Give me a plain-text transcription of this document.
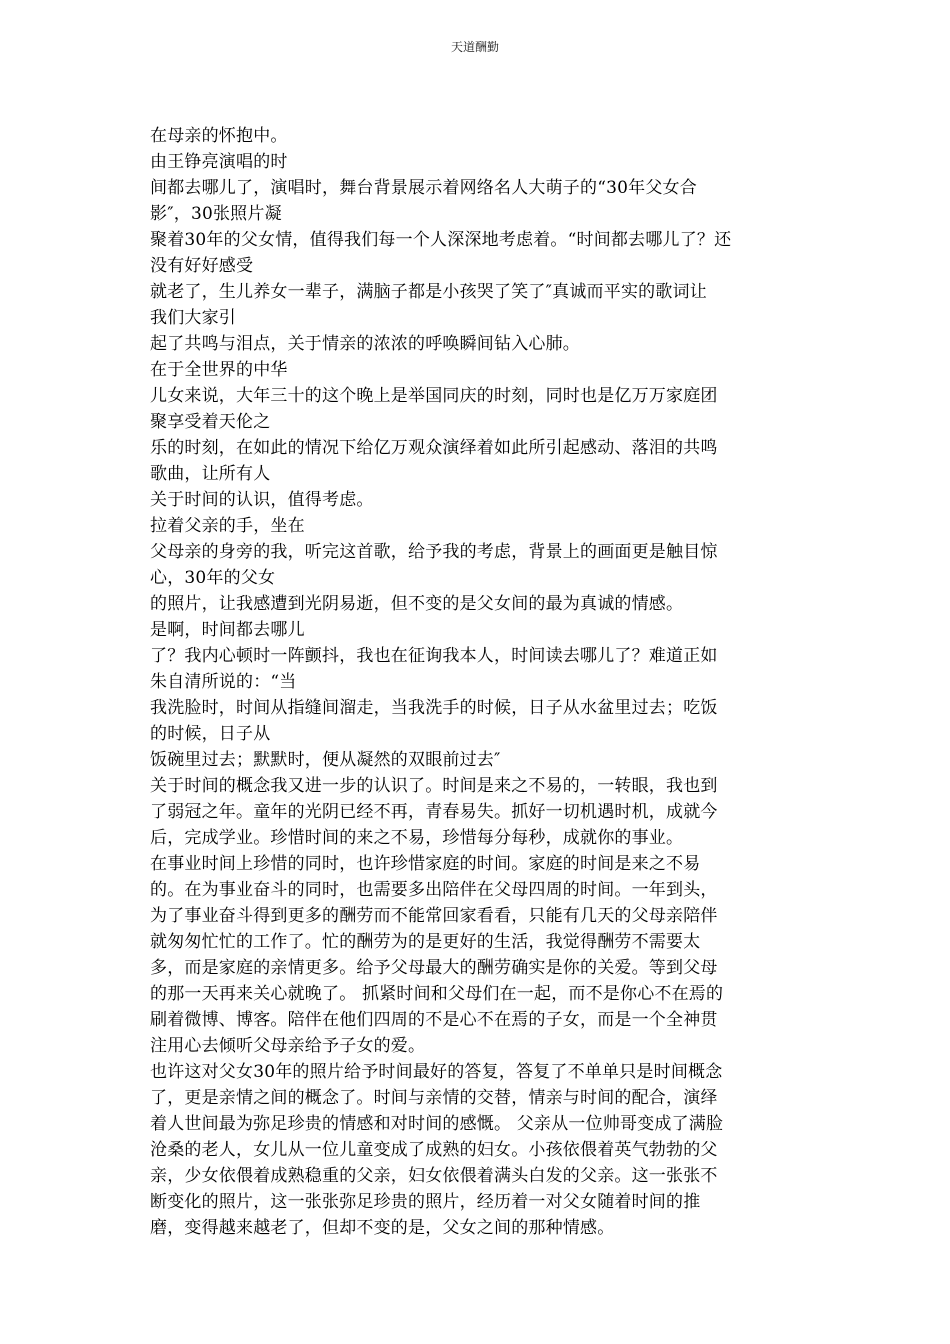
天道酬勤
在母亲的怀抱中。
由王铮亮演唱的时
间都去哪儿了，演唱时，舞台背景展示着网络名人大萌子的“30年父女合
影″，30张照片凝
聚着30年的父女情，值得我们每一个人深深地考虑着。“时间都去哪儿了？还
没有好好感受
就老了，生儿养女一辈子，满脑子都是小孩哭了笑了″真诚而平实的歌词让
我们大家引
起了共鸣与泪点，关于情亲的浓浓的呼唤瞬间钻入心肺。
在于全世界的中华
儿女来说，大年三十的这个晚上是举国同庆的时刻，同时也是亿万万家庭团
聚享受着天伦之
乐的时刻，在如此的情况下给亿万观众演绎着如此所引起感动、落泪的共鸣
歌曲，让所有人
关于时间的认识，值得考虑。
拉着父亲的手，坐在
父母亲的身旁的我，听完这首歌，给予我的考虑，背景上的画面更是触目惊
心，30年的父女
的照片，让我感遭到光阴易逝，但不变的是父女间的最为真诚的情感。
是啊，时间都去哪儿
了？我内心顿时一阵颤抖，我也在征询我本人，时间读去哪儿了？难道正如
朱自清所说的：“当
我洗脸时，时间从指缝间溜走，当我洗手的时候，日子从水盆里过去；吃饭
的时候，日子从
饭碗里过去；默默时，便从凝然的双眼前过去″
关于时间的概念我又进一步的认识了。时间是来之不易的，一转眼，我也到
了弱冠之年。童年的光阴已经不再，青春易失。抓好一切机遇时机，成就今
后，完成学业。珍惜时间的来之不易，珍惜每分每秒，成就你的事业。
在事业时间上珍惜的同时，也许珍惜家庭的时间。家庭的时间是来之不易
的。在为事业奋斗的同时，也需要多出陪伴在父母四周的时间。一年到头，
为了事业奋斗得到更多的酬劳而不能常回家看看，只能有几天的父母亲陪伴
就匆匆忙忙的工作了。忙的酬劳为的是更好的生活，我觉得酬劳不需要太
多，而是家庭的亲情更多。给予父母最大的酬劳确实是你的关爱。等到父母
的那一天再来关心就晚了。 抓紧时间和父母们在一起，而不是你心不在焉的
刷着微博、博客。陪伴在他们四周的不是心不在焉的子女，而是一个全神贯
注用心去倾听父母亲给予子女的爱。
也许这对父女30年的照片给予时间最好的答复，答复了不单单只是时间概念
了，更是亲情之间的概念了。时间与亲情的交替，情亲与时间的配合，演绎
着人世间最为弥足珍贵的情感和对时间的感慨。 父亲从一位帅哥变成了满脸
沧桑的老人，女儿从一位儿童变成了成熟的妇女。小孩依偎着英气勃勃的父
亲，少女依偎着成熟稳重的父亲，妇女依偎着满头白发的父亲。这一张张不
断变化的照片，这一张张弥足珍贵的照片，经历着一对父女随着时间的推
磨，变得越来越老了，但却不变的是，父女之间的那种情感。
